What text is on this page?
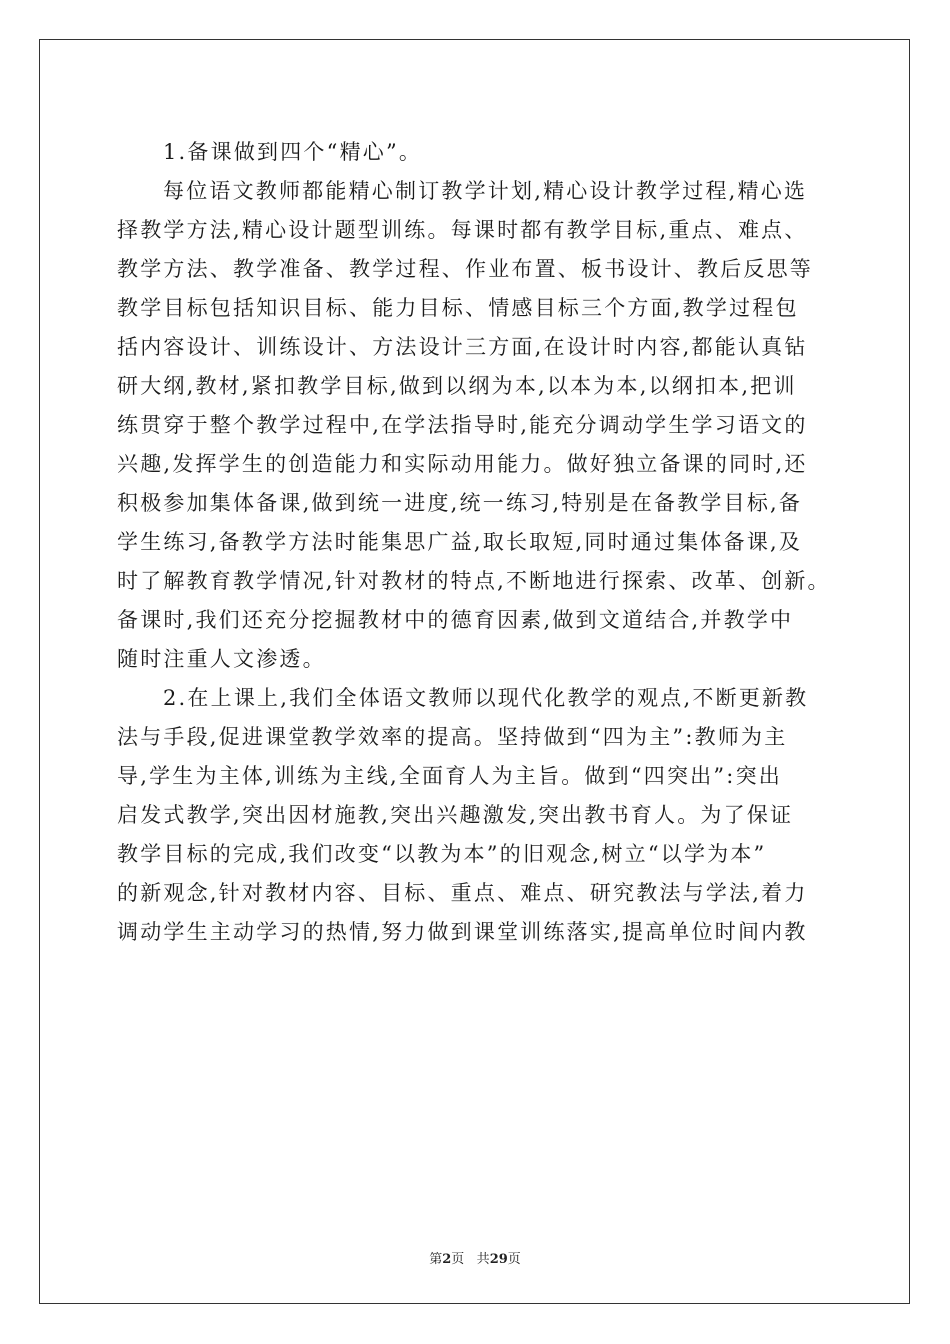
1.备课做到四个“精心”。
每位语文教师都能精心制订教学计划,精心设计教学过程,精心选
择教学方法,精心设计题型训练。每课时都有教学目标,重点、难点、
教学方法、教学准备、教学过程、作业布置、板书设计、教后反思等
教学目标包括知识目标、能力目标、情感目标三个方面,教学过程包
括内容设计、训练设计、方法设计三方面,在设计时内容,都能认真钻
研大纲,教材,紧扣教学目标,做到以纲为本,以本为本,以纲扣本,把训
练贯穿于整个教学过程中,在学法指导时,能充分调动学生学习语文的
兴趣,发挥学生的创造能力和实际动用能力。做好独立备课的同时,还
积极参加集体备课,做到统一进度,统一练习,特别是在备教学目标,备
学生练习,备教学方法时能集思广益,取长取短,同时通过集体备课,及
时了解教育教学情况,针对教材的特点,不断地进行探索、改革、创新。
备课时,我们还充分挖掘教材中的德育因素,做到文道结合,并教学中
随时注重人文渗透。
2.在上课上,我们全体语文教师以现代化教学的观点,不断更新教
法与手段,促进课堂教学效率的提高。坚持做到“四为主”:教师为主
导,学生为主体,训练为主线,全面育人为主旨。做到“四突出”:突出
启发式教学,突出因材施教,突出兴趣激发,突出教书育人。为了保证
教学目标的完成,我们改变“以教为本”的旧观念,树立“以学为本”
的新观念,针对教材内容、目标、重点、难点、研究教法与学法,着力
调动学生主动学习的热情,努力做到课堂训练落实,提高单位时间内教
第2页 共29页
